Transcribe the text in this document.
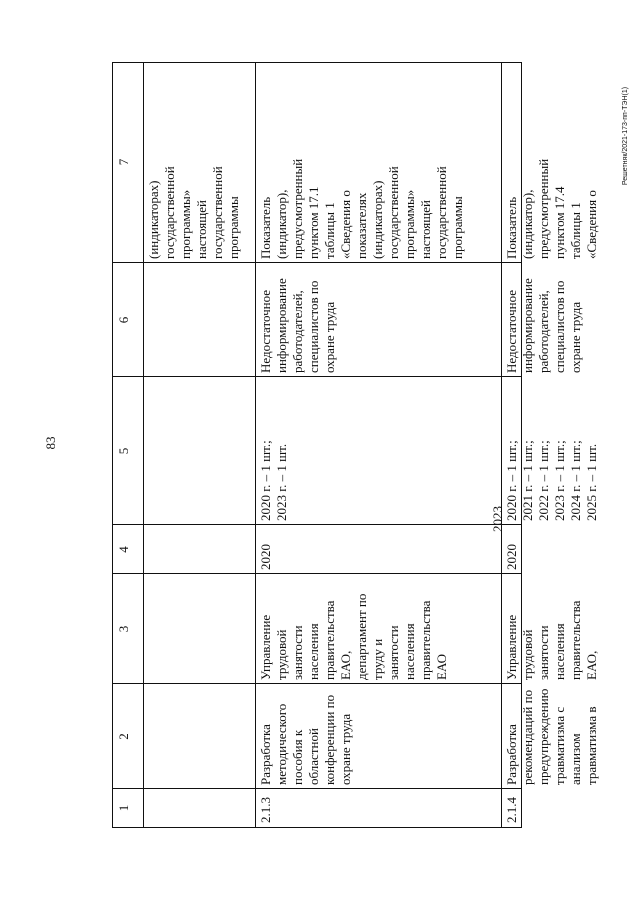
83
Решетняк/2021-173-пп-ТЭН(1)
1
2
3
4
5
6
7
(индикаторах) государственной программы» настоящей государственной программы
2.1.3
Разработка методического пособия к областной конференции по охране труда
Управление трудовой занятости населения правительства ЕАО, департамент по труду и занятости населения правительства ЕАО
2020
2023
2020 г. – 1 шт.; 2023 г. – 1 шт.
Недостаточное информирование работодателей, специалистов по охране труда
Показатель (индикатор), предусмотренный пунктом 17.1 таблицы 1 «Сведения о показателях (индикаторах) государственной программы» настоящей государственной программы
2.1.4
Разработка рекомендаций по предупреждению травматизма с анализом травматизма в
Управление трудовой занятости населения правительства ЕАО,
2020
2020 г. – 1 шт.; 2021 г. – 1 шт.; 2022 г. – 1 шт.; 2023 г. – 1 шт.; 2024 г. – 1 шт.; 2025 г. – 1 шт.
Недостаточное информирование работодателей, специалистов по охране труда
Показатель (индикатор), предусмотренный пунктом 17.4 таблицы 1 «Сведения о
